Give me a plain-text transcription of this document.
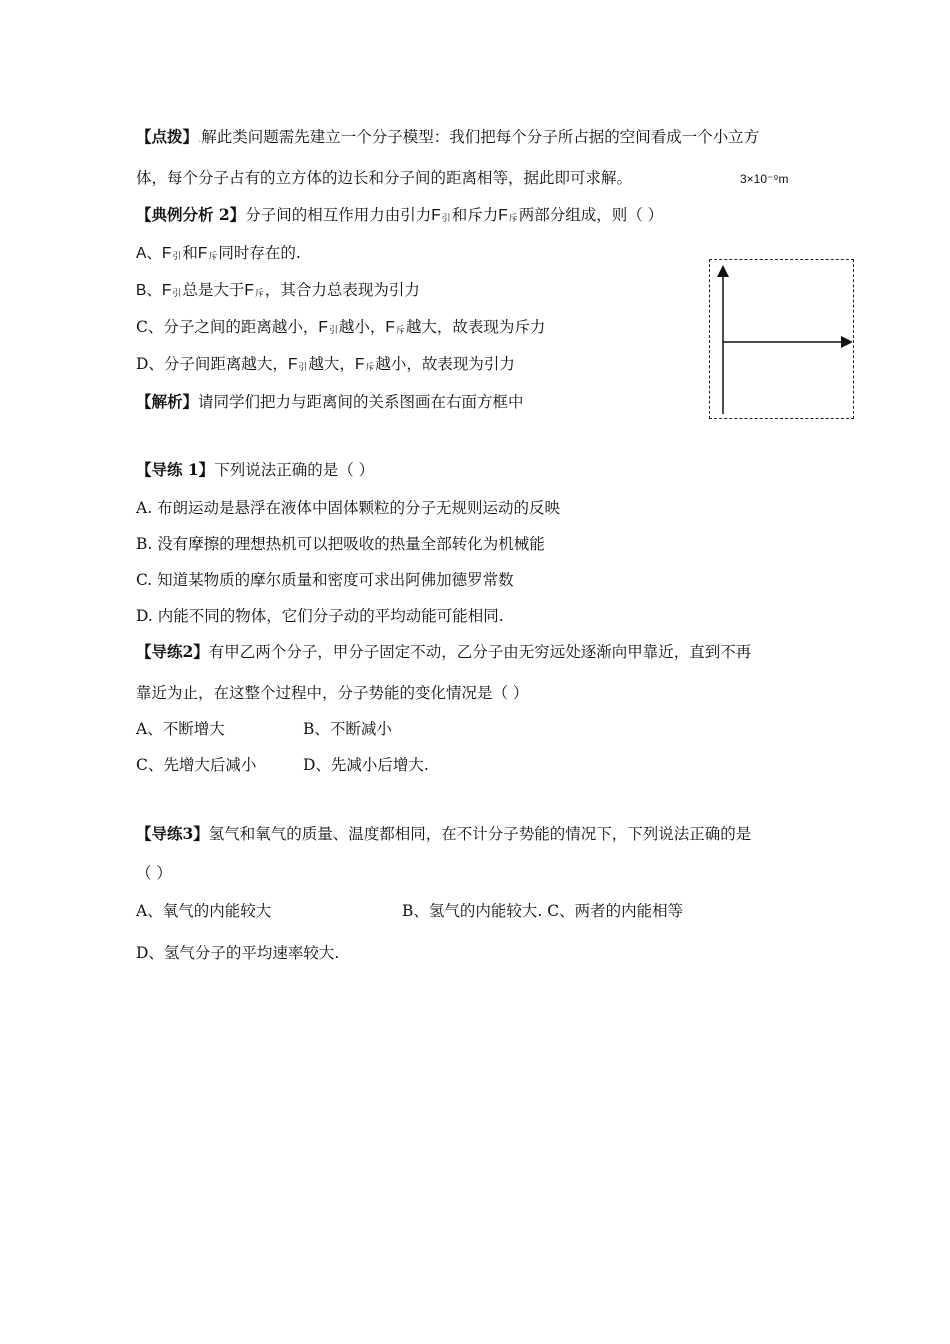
【点拨】.解此类问题需先建立一个分子模型：我们把每个分子所占据的空间看成一个小立方
体，每个分子占有的立方体的边长和分子间的距离相等，据此即可求解。	3×10⁻⁹m
【典例分析 2】分子间的相互作用力由引力F引和斥力F斥两部分组成，则（ ）
A、F引和F斥同时存在的.
B、F引总是大于F斥，其合力总表现为引力
C、分子之间的距离越小，F引越小，F斥越大，故表现为斥力
D、分子间距离越大，F引越大，F斥越小，故表现为引力
【解析】请同学们把力与距离间的关系图画在右面方框中
【导练 1】下列说法正确的是（ ）
A. 布朗运动是悬浮在液体中固体颗粒的分子无规则运动的反映
B. 没有摩擦的理想热机可以把吸收的热量全部转化为机械能
C. 知道某物质的摩尔质量和密度可求出阿佛加德罗常数
D. 内能不同的物体，它们分子动的平均动能可能相同.
【导练2】有甲乙两个分子，甲分子固定不动，乙分子由无穷远处逐渐向甲靠近，直到不再
靠近为止，在这整个过程中，分子势能的变化情况是（ ）
A、不断增大	B、不断减小
C、先增大后减小	D、先减小后增大.
【导练3】氢气和氧气的质量、温度都相同，在不计分子势能的情况下，下列说法正确的是
（ ）
A、氧气的内能较大	B、氢气的内能较大. C、两者的内能相等
D、氢气分子的平均速率较大.
